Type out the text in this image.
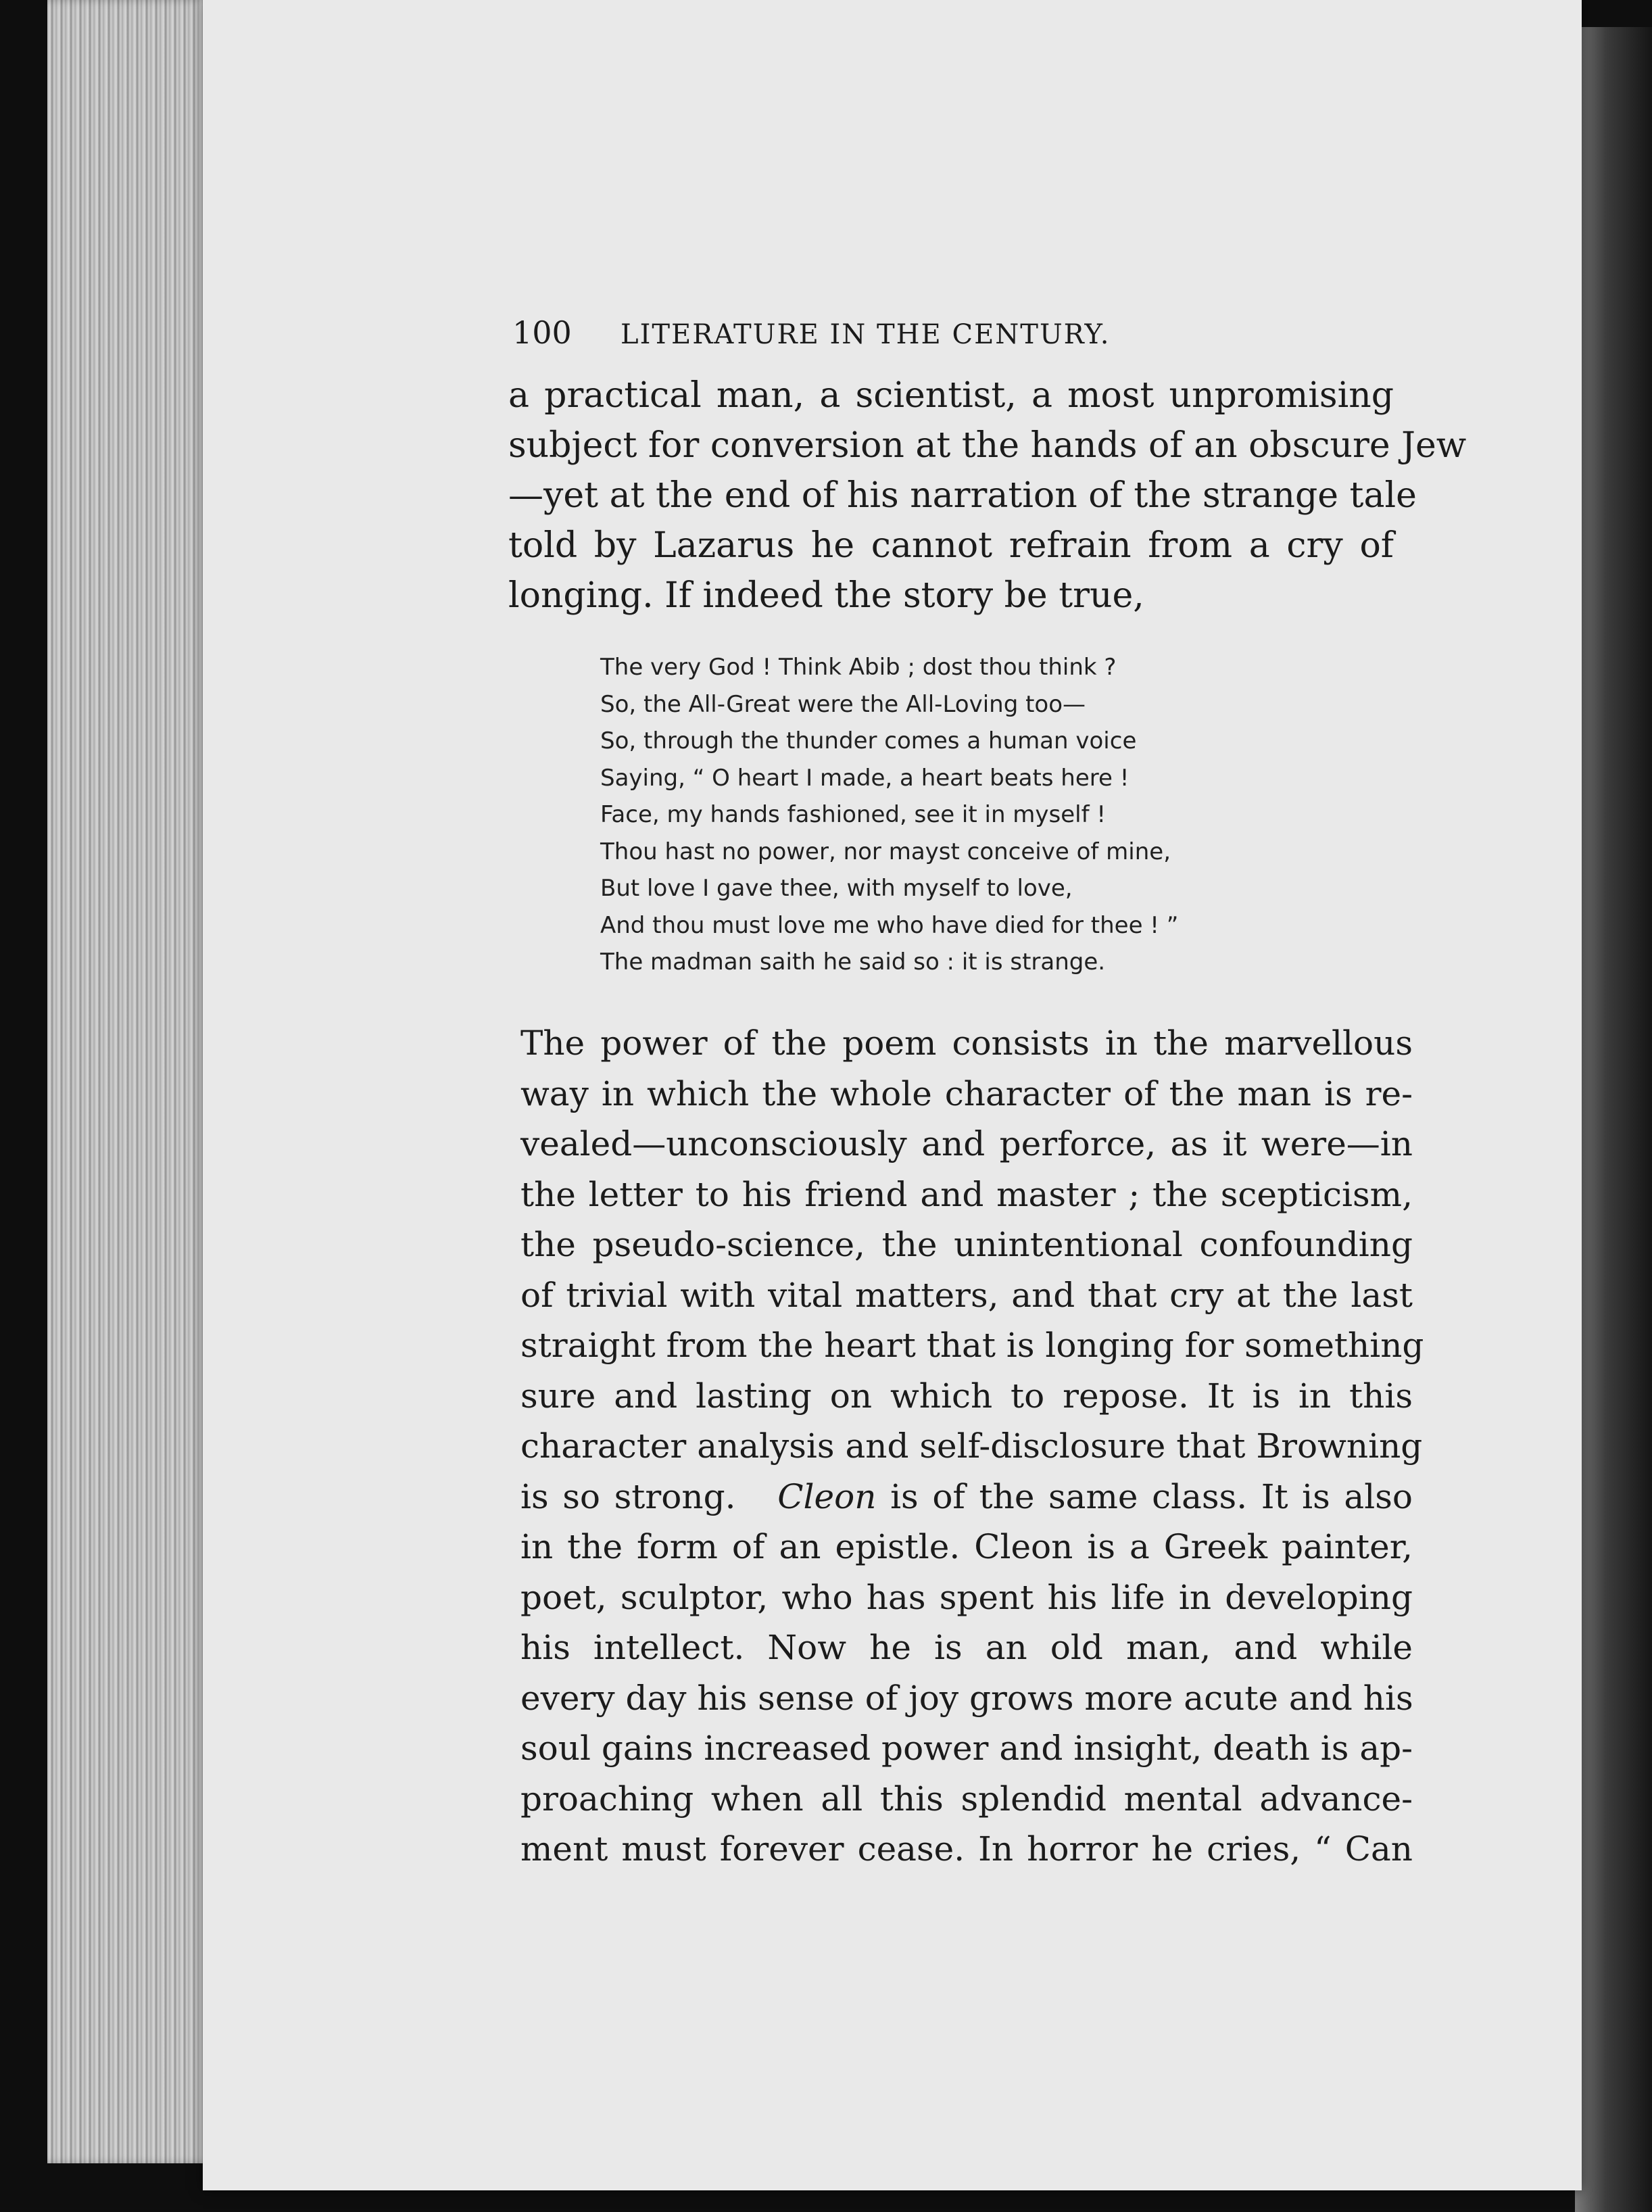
100 LITERATURE IN THE CENTURY.
a practical man, a scientist, a most unpromising
subject for conversion at the hands of an obscure Jew
—yet at the end of his narration of the strange tale
told by Lazarus he cannot refrain from a cry of
longing. If indeed the story be true,
The very God ! Think Abib ; dost thou think ?
So, the All-Great were the All-Loving too—
So, through the thunder comes a human voice
Saying, “ O heart I made, a heart beats here !
Face, my hands fashioned, see it in myself !
Thou hast no power, nor mayst conceive of mine,
But love I gave thee, with myself to love,
And thou must love me who have died for thee ! ”
The madman saith he said so : it is strange.
The power of the poem consists in the marvellous
way in which the whole character of the man is re-
vealed—unconsciously and perforce, as it were—in
the letter to his friend and master ; the scepticism,
the pseudo-science, the unintentional confounding
of trivial with vital matters, and that cry at the last
straight from the heart that is longing for something
sure and lasting on which to repose. It is in this
character analysis and self-disclosure that Browning
is so strong. Cleon is of the same class. It is also
in the form of an epistle. Cleon is a Greek painter,
poet, sculptor, who has spent his life in developing
his intellect. Now he is an old man, and while
every day his sense of joy grows more acute and his
soul gains increased power and insight, death is ap-
proaching when all this splendid mental advance-
ment must forever cease. In horror he cries, “ Can
